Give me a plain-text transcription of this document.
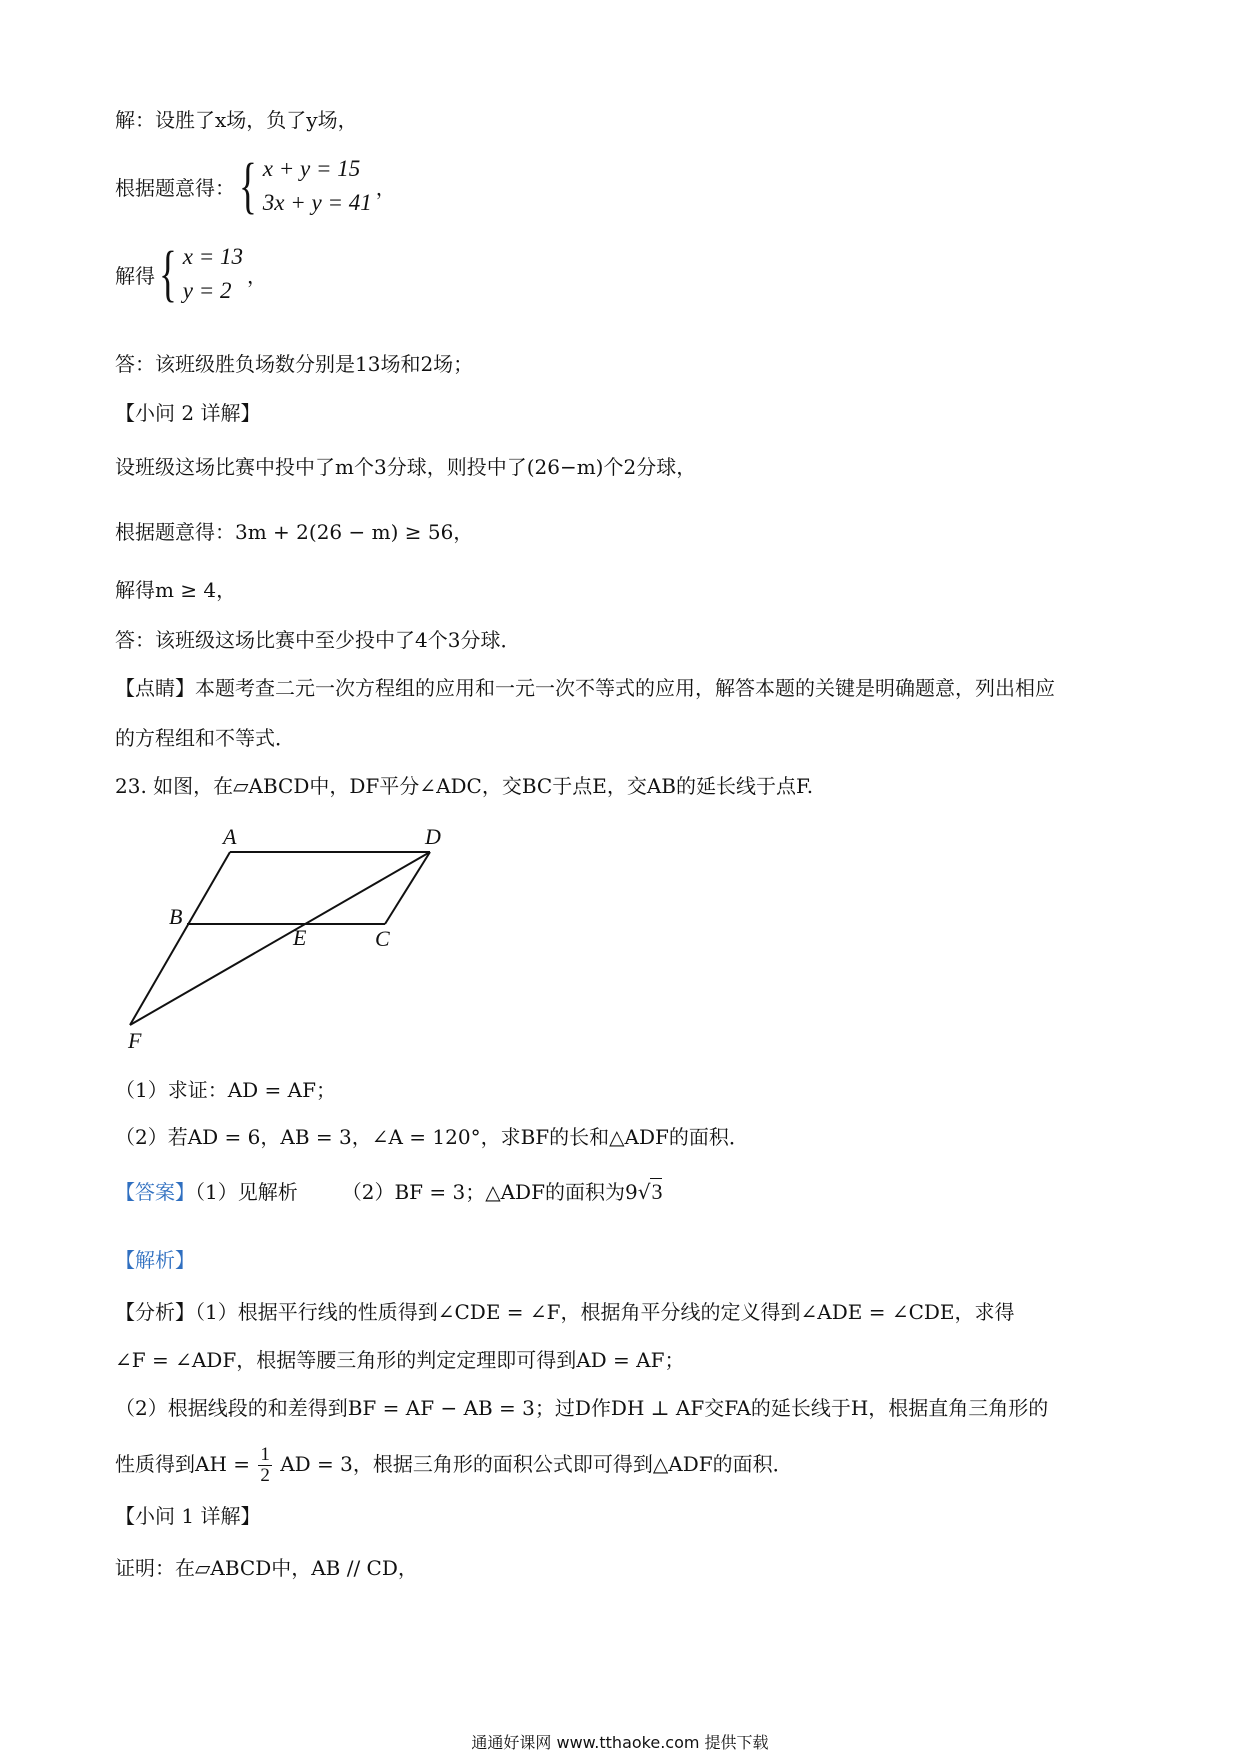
解：设胜了x场，负了y场，
根据题意得： { x + y = 15
3x + y = 41
，
解得 { x = 13
y = 2
，
答：该班级胜负场数分别是13场和2场；
【小问 2 详解】
设班级这场比赛中投中了m个3分球，则投中了(26−m)个2分球，
根据题意得：3m + 2(26 − m) ≥ 56，
解得m ≥ 4，
答：该班级这场比赛中至少投中了4个3分球．
【点睛】本题考查二元一次方程组的应用和一元一次不等式的应用，解答本题的关键是明确题意，列出相应
的方程组和不等式．
23. 如图，在▱ABCD中，DF平分∠ADC，交BC于点E，交AB的延长线于点F.
A	D
B
E	C
F
（1）求证：AD = AF；
（2）若AD = 6，AB = 3，∠A = 120°，求BF的长和△ADF的面积．
【答案】（1）见解析 （2）BF = 3；△ADF的面积为9√3
【解析】
【分析】（1）根据平行线的性质得到∠CDE = ∠F，根据角平分线的定义得到∠ADE = ∠CDE，求得
∠F = ∠ADF，根据等腰三角形的判定定理即可得到AD = AF；
（2）根据线段的和差得到BF = AF − AB = 3；过D作DH ⊥ AF交FA的延长线于H，根据直角三角形的
性质得到AH = $\frac{1}{2}$ AD = 3，根据三角形的面积公式即可得到△ADF的面积．
【小问 1 详解】
证明：在▱ABCD中，AB // CD，
通通好课网 www.tthaoke.com 提供下载
